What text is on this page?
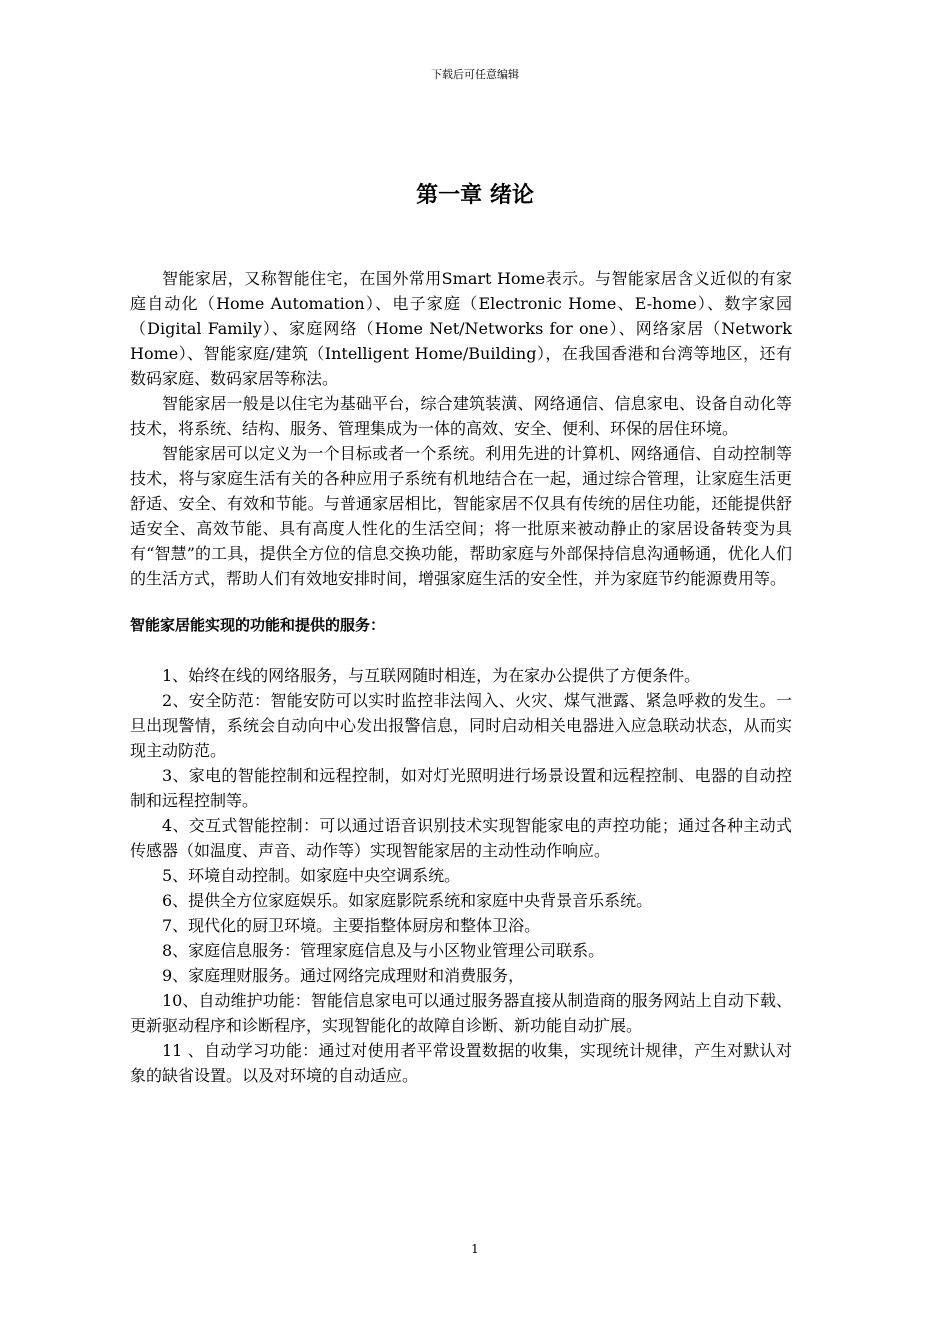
下载后可任意编辑
第一章 绪论

智能家居，又称智能住宅，在国外常用Smart Home表示。与智能家居含义近似的有家庭自动化（Home Automation）、电子家庭（Electronic Home、E-home）、数字家园（Digital Family）、家庭网络（Home Net/Networks for one）、网络家居（Network Home）、智能家庭/建筑（Intelligent Home/Building），在我国香港和台湾等地区，还有数码家庭、数码家居等称法。

智能家居一般是以住宅为基础平台，综合建筑装潢、网络通信、信息家电、设备自动化等技术，将系统、结构、服务、管理集成为一体的高效、安全、便利、环保的居住环境。

智能家居可以定义为一个目标或者一个系统。利用先进的计算机、网络通信、自动控制等技术，将与家庭生活有关的各种应用子系统有机地结合在一起，通过综合管理，让家庭生活更舒适、安全、有效和节能。与普通家居相比，智能家居不仅具有传统的居住功能，还能提供舒适安全、高效节能、具有高度人性化的生活空间；将一批原来被动静止的家居设备转变为具有“智慧”的工具，提供全方位的信息交换功能，帮助家庭与外部保持信息沟通畅通，优化人们的生活方式，帮助人们有效地安排时间，增强家庭生活的安全性，并为家庭节约能源费用等。

智能家居能实现的功能和提供的服务：

1、始终在线的网络服务，与互联网随时相连，为在家办公提供了方便条件。

2、安全防范：智能安防可以实时监控非法闯入、火灾、煤气泄露、紧急呼救的发生。一旦出现警情，系统会自动向中心发出报警信息，同时启动相关电器进入应急联动状态，从而实现主动防范。

3、家电的智能控制和远程控制，如对灯光照明进行场景设置和远程控制、电器的自动控制和远程控制等。

4、交互式智能控制：可以通过语音识别技术实现智能家电的声控功能；通过各种主动式传感器（如温度、声音、动作等）实现智能家居的主动性动作响应。

5、环境自动控制。如家庭中央空调系统。

6、提供全方位家庭娱乐。如家庭影院系统和家庭中央背景音乐系统。

7、现代化的厨卫环境。主要指整体厨房和整体卫浴。

8、家庭信息服务：管理家庭信息及与小区物业管理公司联系。

9、家庭理财服务。通过网络完成理财和消费服务，

10、自动维护功能：智能信息家电可以通过服务器直接从制造商的服务网站上自动下载、更新驱动程序和诊断程序，实现智能化的故障自诊断、新功能自动扩展。

11 、自动学习功能：通过对使用者平常设置数据的收集，实现统计规律，产生对默认对象的缺省设置。以及对环境的自动适应。

1
